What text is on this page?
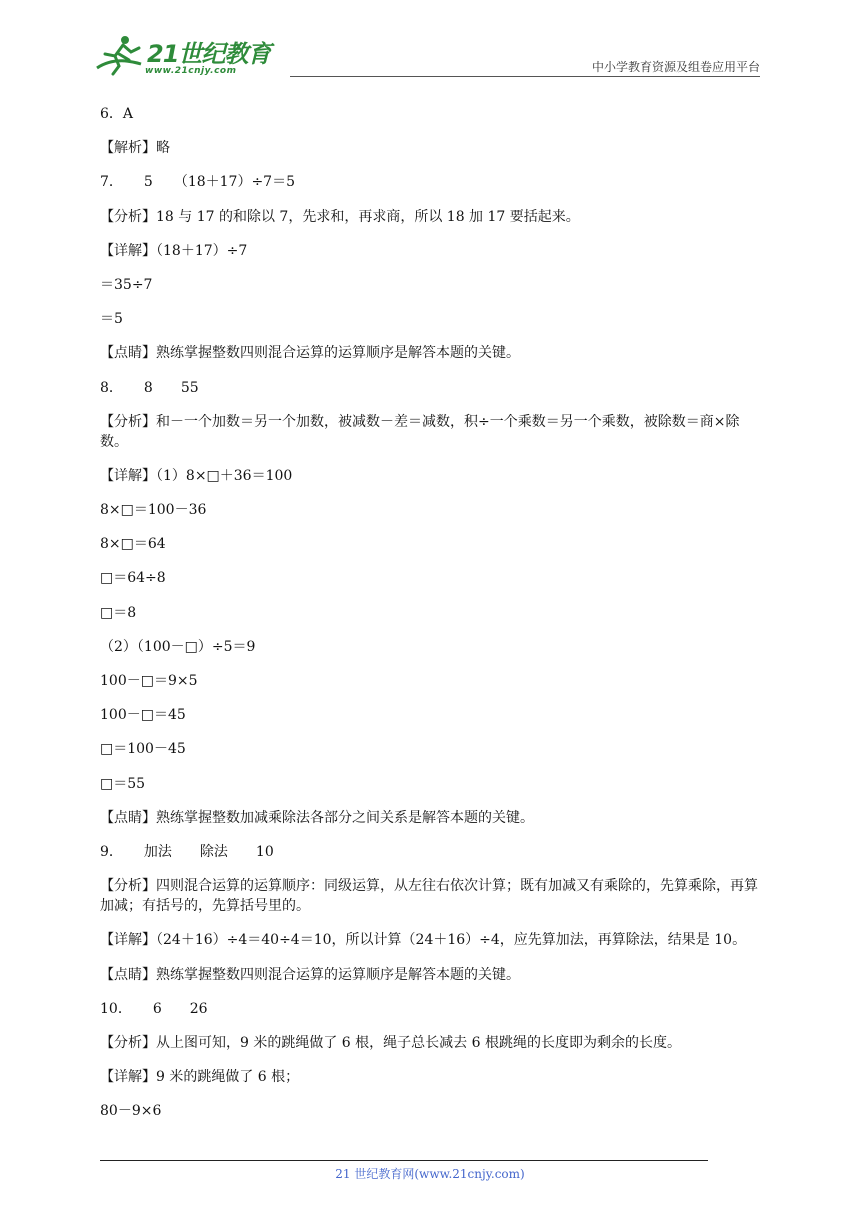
21世纪教育
www.21cnjy.com	中小学教育资源及组卷应用平台
6．A
【解析】略
7．　　5　　（18＋17）÷7＝5
【分析】18 与 17 的和除以 7，先求和，再求商，所以 18 加 17 要括起来。
【详解】（18＋17）÷7
＝35÷7
＝5
【点睛】熟练掌握整数四则混合运算的运算顺序是解答本题的关键。
8．　　8　　55
【分析】和－一个加数＝另一个加数，被减数－差＝减数，积÷一个乘数＝另一个乘数，被除数＝商×除数。
【详解】（1）8×□＋36＝100
8×□＝100－36
8×□＝64
□＝64÷8
□＝8
（2）（100－□）÷5＝9
100－□＝9×5
100－□＝45
□＝100－45
□＝55
【点睛】熟练掌握整数加减乘除法各部分之间关系是解答本题的关键。
9．　　加法　　除法　　10
【分析】四则混合运算的运算顺序：同级运算，从左往右依次计算；既有加减又有乘除的，先算乘除，再算加减；有括号的，先算括号里的。
【详解】（24＋16）÷4＝40÷4＝10，所以计算（24＋16）÷4，应先算加法，再算除法，结果是 10。
【点睛】熟练掌握整数四则混合运算的运算顺序是解答本题的关键。
10．　　6　　26
【分析】从上图可知，9 米的跳绳做了 6 根，绳子总长减去 6 根跳绳的长度即为剩余的长度。
【详解】9 米的跳绳做了 6 根；
80－9×6
21 世纪教育网(www.21cnjy.com)
